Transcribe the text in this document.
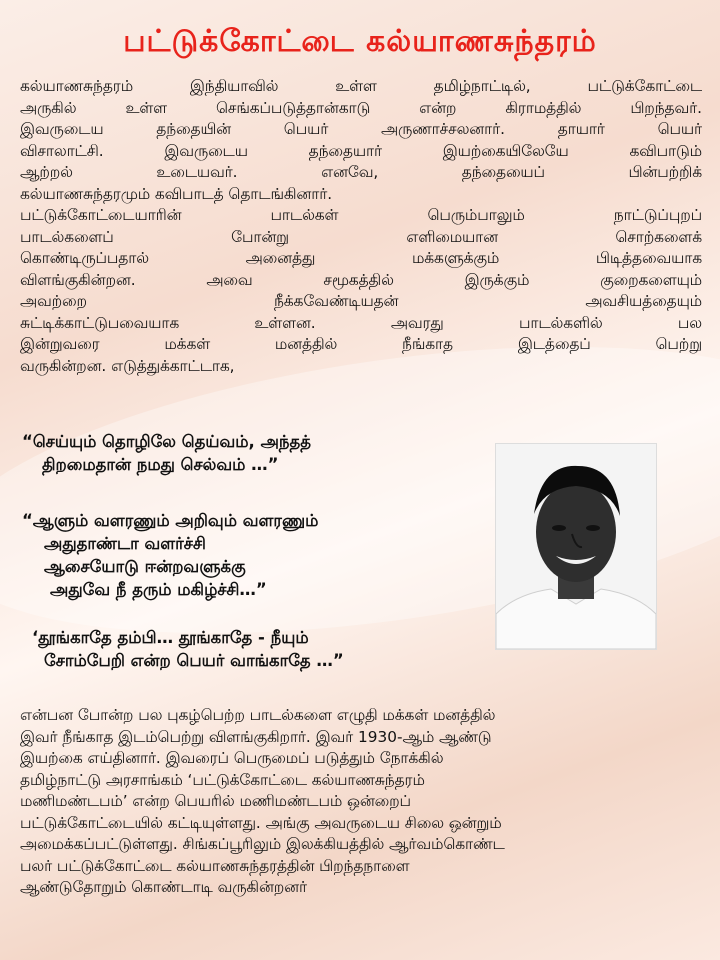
பட்டுக்கோட்டை கல்யாணசுந்தரம்
கல்யாணசுந்தரம் இந்தியாவில் உள்ள தமிழ்நாட்டில், பட்டுக்கோட்டை
அருகில் உள்ள செங்கப்படுத்தான்காடு என்ற கிராமத்தில் பிறந்தவர்.
இவருடைய தந்தையின் பெயர் அருணாச்சலனார். தாயார் பெயர்
விசாலாட்சி. இவருடைய தந்தையார் இயற்கையிலேயே கவிபாடும்
ஆற்றல் உடையவர். எனவே, தந்தையைப் பின்பற்றிக்
கல்யாணசுந்தரமும் கவிபாடத் தொடங்கினார்.
பட்டுக்கோட்டையாரின் பாடல்கள் பெரும்பாலும் நாட்டுப்புறப்
பாடல்களைப் போன்று எளிமையான சொற்களைக்
கொண்டிருப்பதால் அனைத்து மக்களுக்கும் பிடித்தவையாக
விளங்குகின்றன. அவை சமூகத்தில் இருக்கும் குறைகளையும்
அவற்றை நீக்கவேண்டியதன் அவசியத்தையும்
சுட்டிக்காட்டுபவையாக உள்ளன. அவரது பாடல்களில் பல
இன்றுவரை மக்கள் மனத்தில் நீங்காத இடத்தைப் பெற்று
வருகின்றன. எடுத்துக்காட்டாக,
“செய்யும் தொழிலே தெய்வம், அந்தத்
திறமைதான் நமது செல்வம் …”
“ஆளும் வளரணும் அறிவும் வளரணும்
அதுதாண்டா வளர்ச்சி
ஆசையோடு ஈன்றவளுக்கு
அதுவே நீ தரும் மகிழ்ச்சி…”
‘தூங்காதே தம்பி… தூங்காதே - நீயும்
சோம்பேறி என்ற பெயர் வாங்காதே …”
என்பன போன்ற பல புகழ்பெற்ற பாடல்களை எழுதி மக்கள் மனத்தில்
இவர் நீங்காத இடம்பெற்று விளங்குகிறார். இவர் 1930-ஆம் ஆண்டு
இயற்கை எய்தினார். இவரைப் பெருமைப் படுத்தும் நோக்கில்
தமிழ்நாட்டு அரசாங்கம் ‘பட்டுக்கோட்டை கல்யாணசுந்தரம்
மணிமண்டபம்’ என்ற பெயரில் மணிமண்டபம் ஒன்றைப்
பட்டுக்கோட்டையில் கட்டியுள்ளது. அங்கு அவருடைய சிலை ஒன்றும்
அமைக்கப்பட்டுள்ளது. சிங்கப்பூரிலும் இலக்கியத்தில் ஆர்வம்கொண்ட
பலர் பட்டுக்கோட்டை கல்யாணசுந்தரத்தின் பிறந்தநாளை
ஆண்டுதோறும் கொண்டாடி வருகின்றனர்
